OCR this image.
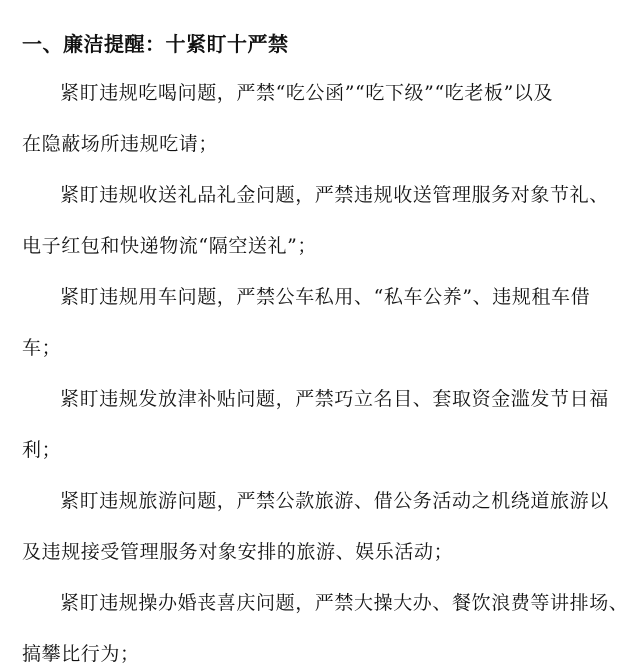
一、廉洁提醒：十紧盯十严禁
紧盯违规吃喝问题，严禁“吃公函”“吃下级”“吃老板”以及
在隐蔽场所违规吃请；
紧盯违规收送礼品礼金问题，严禁违规收送管理服务对象节礼、
电子红包和快递物流“隔空送礼”；
紧盯违规用车问题，严禁公车私用、“私车公养”、违规租车借
车；
紧盯违规发放津补贴问题，严禁巧立名目、套取资金滥发节日福
利；
紧盯违规旅游问题，严禁公款旅游、借公务活动之机绕道旅游以
及违规接受管理服务对象安排的旅游、娱乐活动；
紧盯违规操办婚丧喜庆问题，严禁大操大办、餐饮浪费等讲排场、
搞攀比行为；
